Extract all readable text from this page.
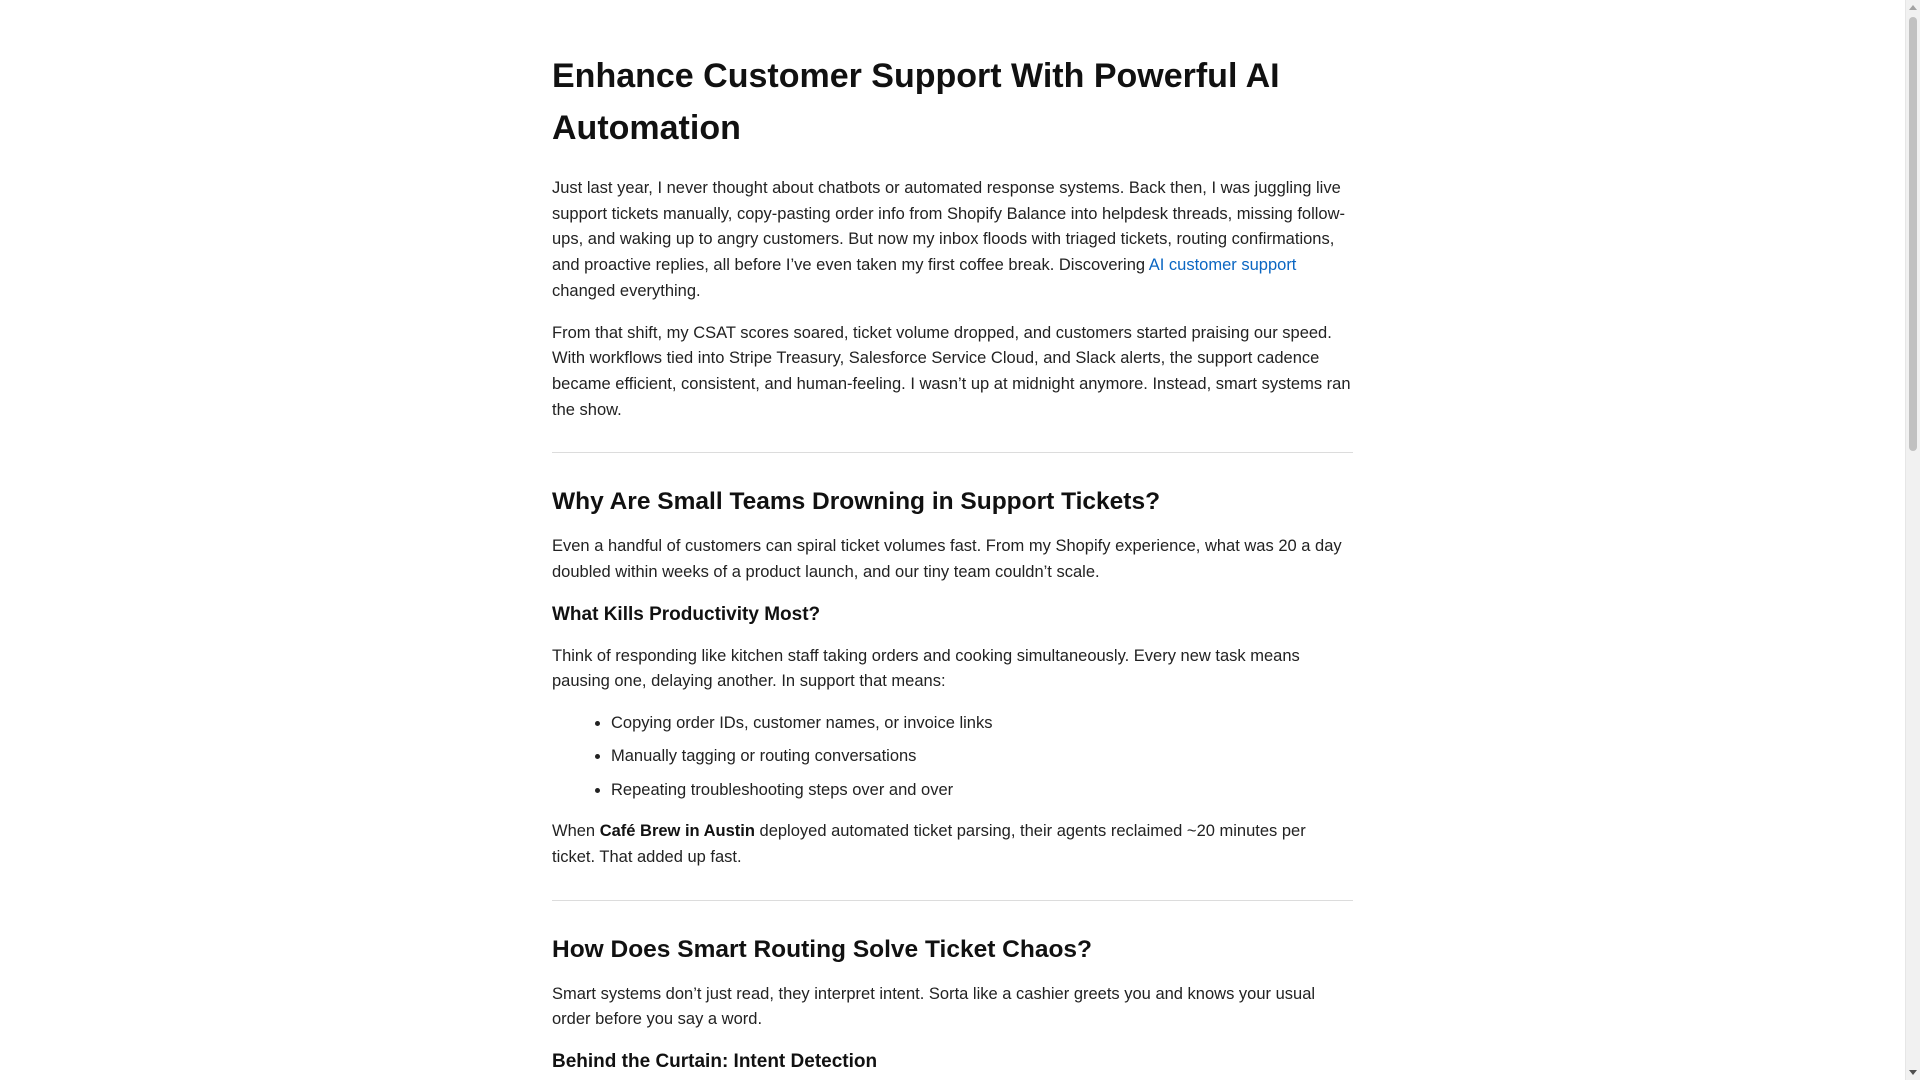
Enhance Customer Support With Powerful AI Automation

Just last year, I never thought about chatbots or automated response systems. Back then, I was juggling live support tickets manually, copy-pasting order info from Shopify Balance into helpdesk threads, missing follow-ups, and waking up to angry customers. But now my inbox floods with triaged tickets, routing confirmations, and proactive replies, all before I’ve even taken my first coffee break. Discovering AI customer support changed everything.

From that shift, my CSAT scores soared, ticket volume dropped, and customers started praising our speed. With workflows tied into Stripe Treasury, Salesforce Service Cloud, and Slack alerts, the support cadence became efficient, consistent, and human-feeling. I wasn’t up at midnight anymore. Instead, smart systems ran the show.

Why Are Small Teams Drowning in Support Tickets?

Even a handful of customers can spiral ticket volumes fast. From my Shopify experience, what was 20 a day doubled within weeks of a product launch, and our tiny team couldn’t scale.

What Kills Productivity Most?

Think of responding like kitchen staff taking orders and cooking simultaneously. Every new task means pausing one, delaying another. In support that means:

• Copying order IDs, customer names, or invoice links
• Manually tagging or routing conversations
• Repeating troubleshooting steps over and over

When Café Brew in Austin deployed automated ticket parsing, their agents reclaimed ~20 minutes per ticket. That added up fast.

How Does Smart Routing Solve Ticket Chaos?

Smart systems don’t just read, they interpret intent. Sorta like a cashier greets you and knows your usual order before you say a word.

Behind the Curtain: Intent Detection
